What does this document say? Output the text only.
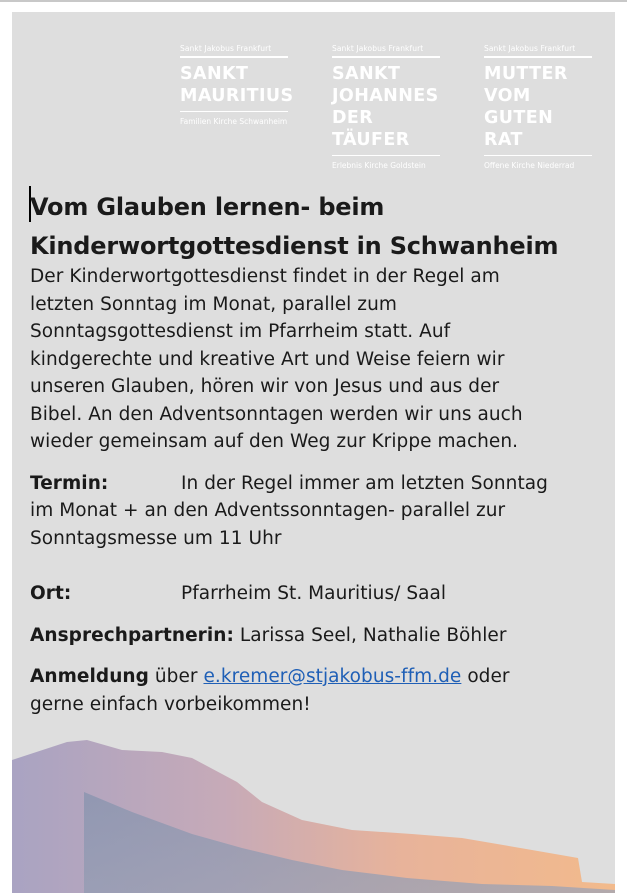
Sankt Jakobus Frankfurt
SANKT
MAURITIUS
Familien Kirche Schwanheim
Sankt Jakobus Frankfurt
SANKT
JOHANNES
DER
TÄUFER
Erlebnis Kirche Goldstein
Sankt Jakobus Frankfurt
MUTTER
VOM
GUTEN
RAT
Offene Kirche Niederrad
Vom Glauben lernen- beim
Kinderwortgottesdienst in Schwanheim
Der Kinderwortgottesdienst findet in der Regel am
letzten Sonntag im Monat, parallel zum
Sonntagsgottesdienst im Pfarrheim statt. Auf
kindgerechte und kreative Art und Weise feiern wir
unseren Glauben, hören wir von Jesus und aus der
Bibel. An den Adventsonntagen werden wir uns auch
wieder gemeinsam auf den Weg zur Krippe machen.
Termin:	In der Regel immer am letzten Sonntag
im Monat + an den Adventssonntagen- parallel zur
Sonntagsmesse um 11 Uhr
Ort:	Pfarrheim St. Mauritius/ Saal
Ansprechpartnerin: Larissa Seel, Nathalie Böhler
Anmeldung über e.kremer@stjakobus-ffm.de oder
gerne einfach vorbeikommen!
